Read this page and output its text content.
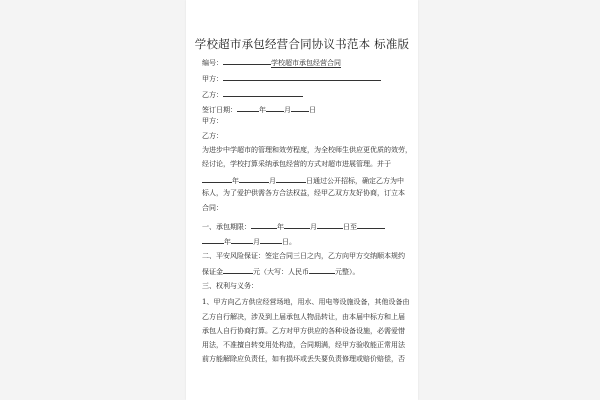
学校超市承包经营合同协议书范本 标准版
编号：	学校超市承包经营合同
甲方：
乙方：
签订日期：	年	月	日
甲方：
乙方：
为进步中学超市的管理和效劳程度，为全校师生供应更优质的效劳，
经讨论，学校打算采纳承包经营的方式对超市进展管理。并于
年	月	日通过公开招标，确定乙方为中
标人，为了爱护供需各方合法权益，经甲乙双方友好协商，订立本
合同：
一、承包期限：	年	月	日至
年	月	日。
二、平安风险保证：签定合同三日之内，乙方向甲方交纳顺本规约
保证金	元（大写：人民币	元整）。
三、权利与义务：
1、甲方向乙方供应经营场地，用水、用电等设施设备，其他设备由
乙方自行解决，涉及到上届承包人物品转让，由本届中标方和上届
承包人自行协商打算。乙方对甲方供应的各种设备设施，必需爱惜
用法，不准擅自转变用处构造，合同期满，经甲方验收能正常用法
前方能解除应负责任，如有损坏或丢失要负责修理或赔价赔偿，否
